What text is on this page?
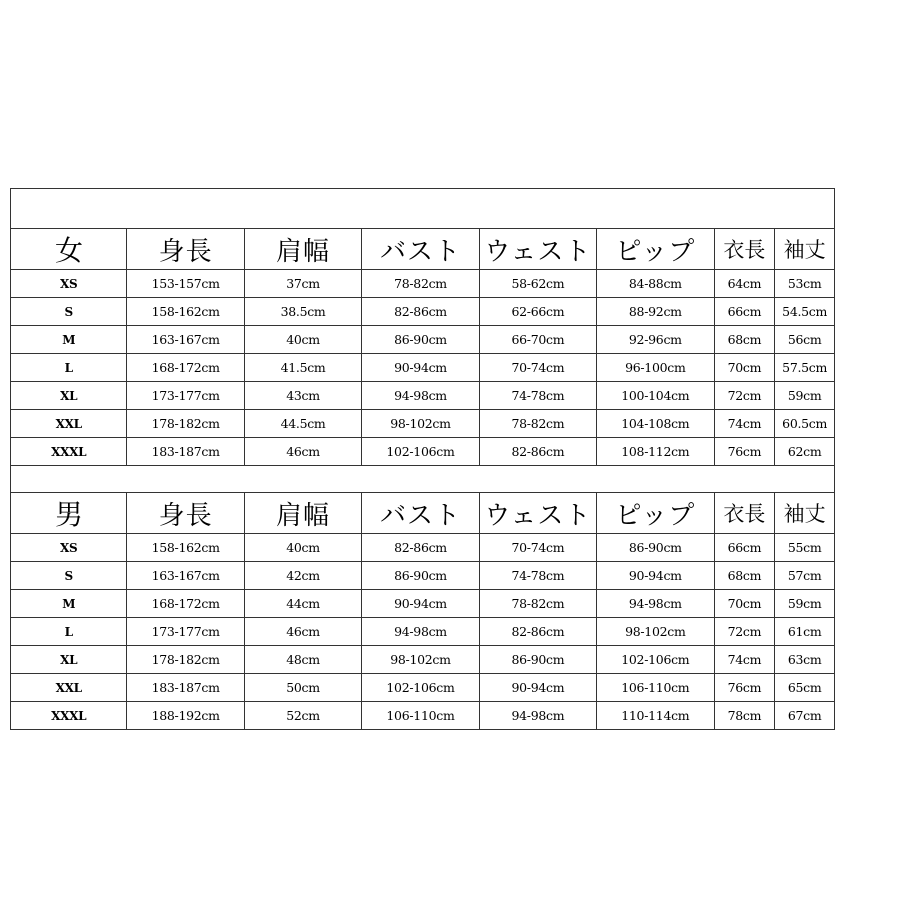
女	身長	肩幅	バスト	ウェスト	ピップ	衣長	袖丈
XS	153-157cm	37cm	78-82cm	58-62cm	84-88cm	64cm	53cm
S	158-162cm	38.5cm	82-86cm	62-66cm	88-92cm	66cm	54.5cm
M	163-167cm	40cm	86-90cm	66-70cm	92-96cm	68cm	56cm
L	168-172cm	41.5cm	90-94cm	70-74cm	96-100cm	70cm	57.5cm
XL	173-177cm	43cm	94-98cm	74-78cm	100-104cm	72cm	59cm
XXL	178-182cm	44.5cm	98-102cm	78-82cm	104-108cm	74cm	60.5cm
XXXL	183-187cm	46cm	102-106cm	82-86cm	108-112cm	76cm	62cm

男	身長	肩幅	バスト	ウェスト	ピップ	衣長	袖丈
XS	158-162cm	40cm	82-86cm	70-74cm	86-90cm	66cm	55cm
S	163-167cm	42cm	86-90cm	74-78cm	90-94cm	68cm	57cm
M	168-172cm	44cm	90-94cm	78-82cm	94-98cm	70cm	59cm
L	173-177cm	46cm	94-98cm	82-86cm	98-102cm	72cm	61cm
XL	178-182cm	48cm	98-102cm	86-90cm	102-106cm	74cm	63cm
XXL	183-187cm	50cm	102-106cm	90-94cm	106-110cm	76cm	65cm
XXXL	188-192cm	52cm	106-110cm	94-98cm	110-114cm	78cm	67cm
